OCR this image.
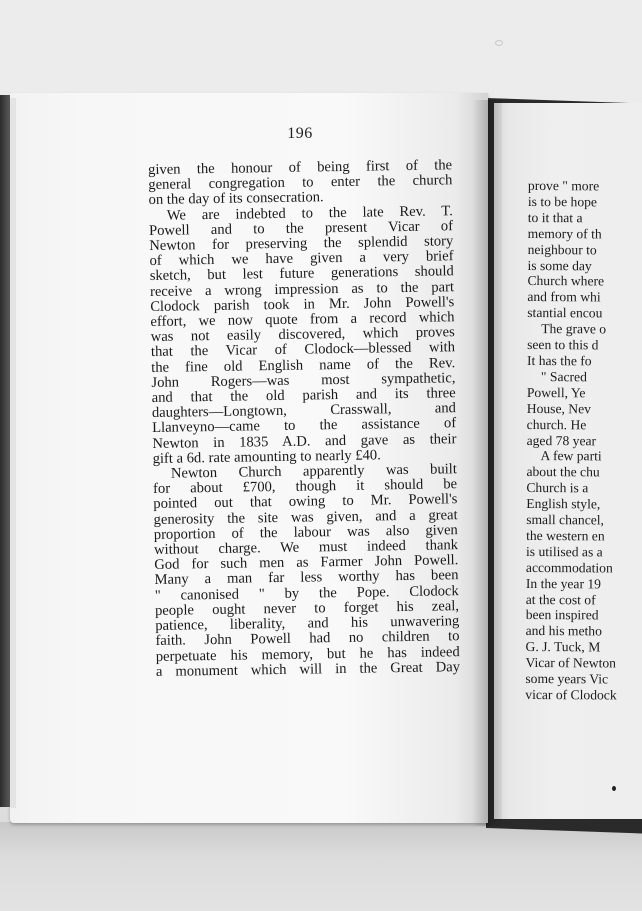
196
given the honour of being first of the
general congregation to enter the church
on the day of its consecration.
We are indebted to the late Rev. T.
Powell and to the present Vicar of
Newton for preserving the splendid story
of which we have given a very brief
sketch, but lest future generations should
receive a wrong impression as to the part
Clodock parish took in Mr. John Powell's
effort, we now quote from a record which
was not easily discovered, which proves
that the Vicar of Clodock—blessed with
the fine old English name of the Rev.
John Rogers—was most sympathetic,
and that the old parish and its three
daughters—Longtown, Crasswall, and
Llanveyno—came to the assistance of
Newton in 1835 A.D. and gave as their
gift a 6d. rate amounting to nearly £40.
Newton Church apparently was built
for about £700, though it should be
pointed out that owing to Mr. Powell's
generosity the site was given, and a great
proportion of the labour was also given
without charge. We must indeed thank
God for such men as Farmer John Powell.
Many a man far less worthy has been
" canonised " by the Pope. Clodock
people ought never to forget his zeal,
patience, liberality, and his unwavering
faith. John Powell had no children to
perpetuate his memory, but he has indeed
a monument which will in the Great Day
prove " more
is to be hope
to it that a
memory of th
neighbour to
is some day
Church where
and from whi
stantial encou
The grave o
seen to this d
It has the fo
" Sacred
Powell, Ye
House, Nev
church. He
aged 78 year
A few parti
about the chu
Church is a
English style,
small chancel,
the western en
is utilised as a
accommodation
In the year 19
at the cost of
been inspired
and his metho
G. J. Tuck, M
Vicar of Newton
some years Vic
vicar of Clodock
